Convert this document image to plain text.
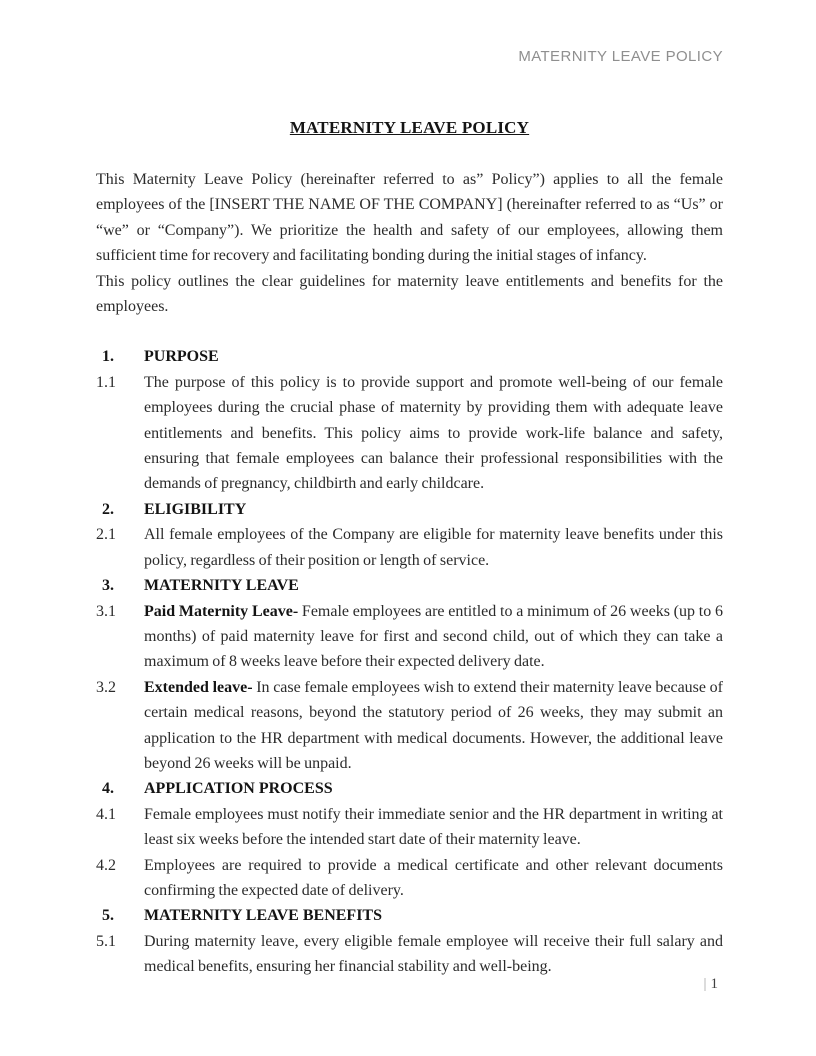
MATERNITY LEAVE POLICY
MATERNITY LEAVE POLICY

This Maternity Leave Policy (hereinafter referred to as” Policy”) applies to all the female employees of the [INSERT THE NAME OF THE COMPANY] (hereinafter referred to as “Us” or “we” or “Company”). We prioritize the health and safety of our employees, allowing them sufficient time for recovery and facilitating bonding during the initial stages of infancy.

This policy outlines the clear guidelines for maternity leave entitlements and benefits for the employees.

1.	PURPOSE
1.1	The purpose of this policy is to provide support and promote well-being of our female employees during the crucial phase of maternity by providing them with adequate leave entitlements and benefits. This policy aims to provide work-life balance and safety, ensuring that female employees can balance their professional responsibilities with the demands of pregnancy, childbirth and early childcare.
2.	ELIGIBILITY
2.1	All female employees of the Company are eligible for maternity leave benefits under this policy, regardless of their position or length of service.
3.	MATERNITY LEAVE
3.1	Paid Maternity Leave- Female employees are entitled to a minimum of 26 weeks (up to 6 months) of paid maternity leave for first and second child, out of which they can take a maximum of 8 weeks leave before their expected delivery date.
3.2	Extended leave- In case female employees wish to extend their maternity leave because of certain medical reasons, beyond the statutory period of 26 weeks, they may submit an application to the HR department with medical documents. However, the additional leave beyond 26 weeks will be unpaid.
4.	APPLICATION PROCESS
4.1	Female employees must notify their immediate senior and the HR department in writing at least six weeks before the intended start date of their maternity leave.
4.2	Employees are required to provide a medical certificate and other relevant documents confirming the expected date of delivery.
5.	MATERNITY LEAVE BENEFITS
5.1	During maternity leave, every eligible female employee will receive their full salary and medical benefits, ensuring her financial stability and well-being.
| 1
